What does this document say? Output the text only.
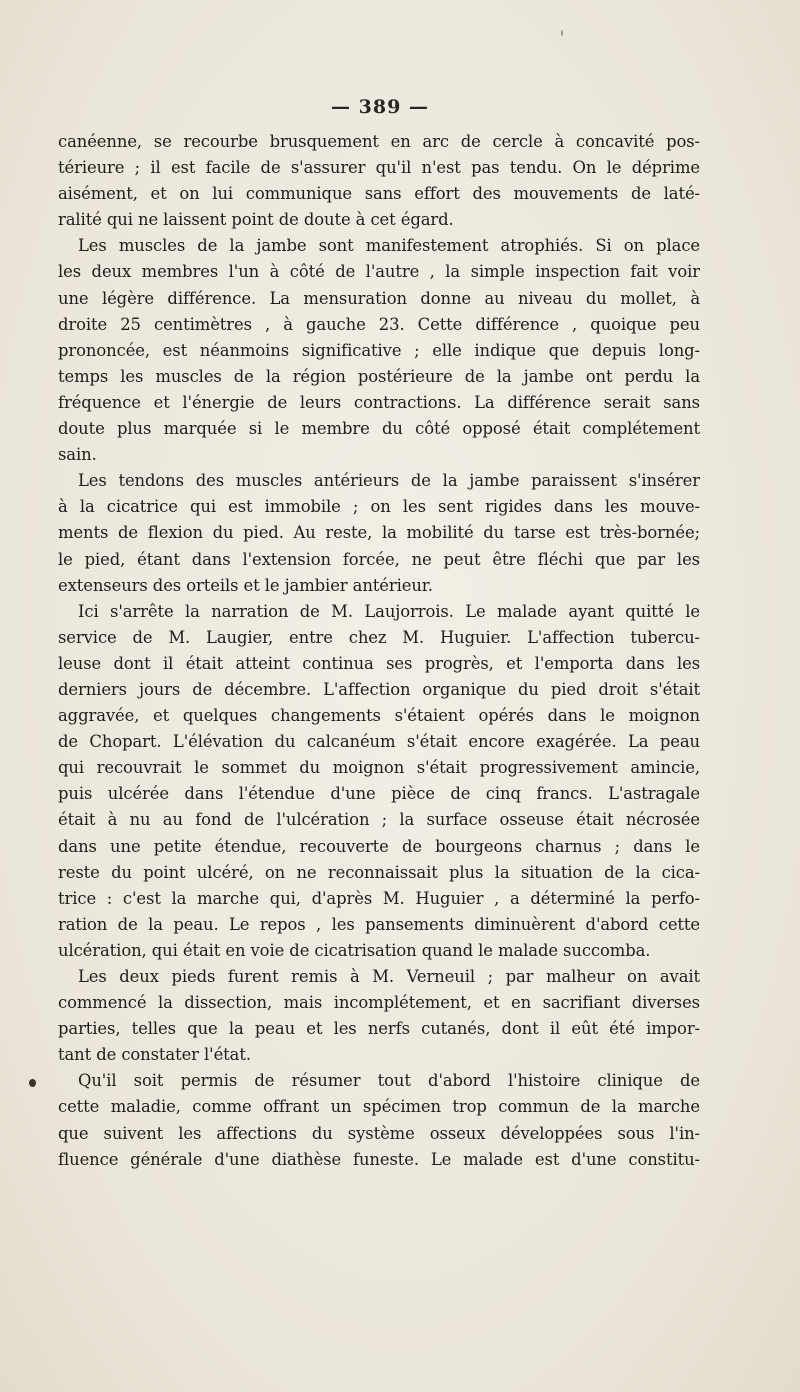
— 389 —
canéenne, se recourbe brusquement en arc de cercle à concavité pos-
térieure ; il est facile de s'assurer qu'il n'est pas tendu. On le déprime
aisément, et on lui communique sans effort des mouvements de laté-
ralité qui ne laissent point de doute à cet égard.
Les muscles de la jambe sont manifestement atrophiés. Si on place
les deux membres l'un à côté de l'autre , la simple inspection fait voir
une légère différence. La mensuration donne au niveau du mollet, à
droite 25 centimètres , à gauche 23. Cette différence , quoique peu
prononcée, est néanmoins significative ; elle indique que depuis long-
temps les muscles de la région postérieure de la jambe ont perdu la
fréquence et l'énergie de leurs contractions. La différence serait sans
doute plus marquée si le membre du côté opposé était complétement
sain.
Les tendons des muscles antérieurs de la jambe paraissent s'insérer
à la cicatrice qui est immobile ; on les sent rigides dans les mouve-
ments de flexion du pied. Au reste, la mobilité du tarse est très-bornée;
le pied, étant dans l'extension forcée, ne peut être fléchi que par les
extenseurs des orteils et le jambier antérieur.
Ici s'arrête la narration de M. Laujorrois. Le malade ayant quitté le
service de M. Laugier, entre chez M. Huguier. L'affection tubercu-
leuse dont il était atteint continua ses progrès, et l'emporta dans les
derniers jours de décembre. L'affection organique du pied droit s'était
aggravée, et quelques changements s'étaient opérés dans le moignon
de Chopart. L'élévation du calcanéum s'était encore exagérée. La peau
qui recouvrait le sommet du moignon s'était progressivement amincie,
puis ulcérée dans l'étendue d'une pièce de cinq francs. L'astragale
était à nu au fond de l'ulcération ; la surface osseuse était nécrosée
dans une petite étendue, recouverte de bourgeons charnus ; dans le
reste du point ulcéré, on ne reconnaissait plus la situation de la cica-
trice : c'est la marche qui, d'après M. Huguier , a déterminé la perfo-
ration de la peau. Le repos , les pansements diminuèrent d'abord cette
ulcération, qui était en voie de cicatrisation quand le malade succomba.
Les deux pieds furent remis à M. Verneuil ; par malheur on avait
commencé la dissection, mais incomplétement, et en sacrifiant diverses
parties, telles que la peau et les nerfs cutanés, dont il eût été impor-
tant de constater l'état.
Qu'il soit permis de résumer tout d'abord l'histoire clinique de
cette maladie, comme offrant un spécimen trop commun de la marche
que suivent les affections du système osseux développées sous l'in-
fluence générale d'une diathèse funeste. Le malade est d'une constitu-
